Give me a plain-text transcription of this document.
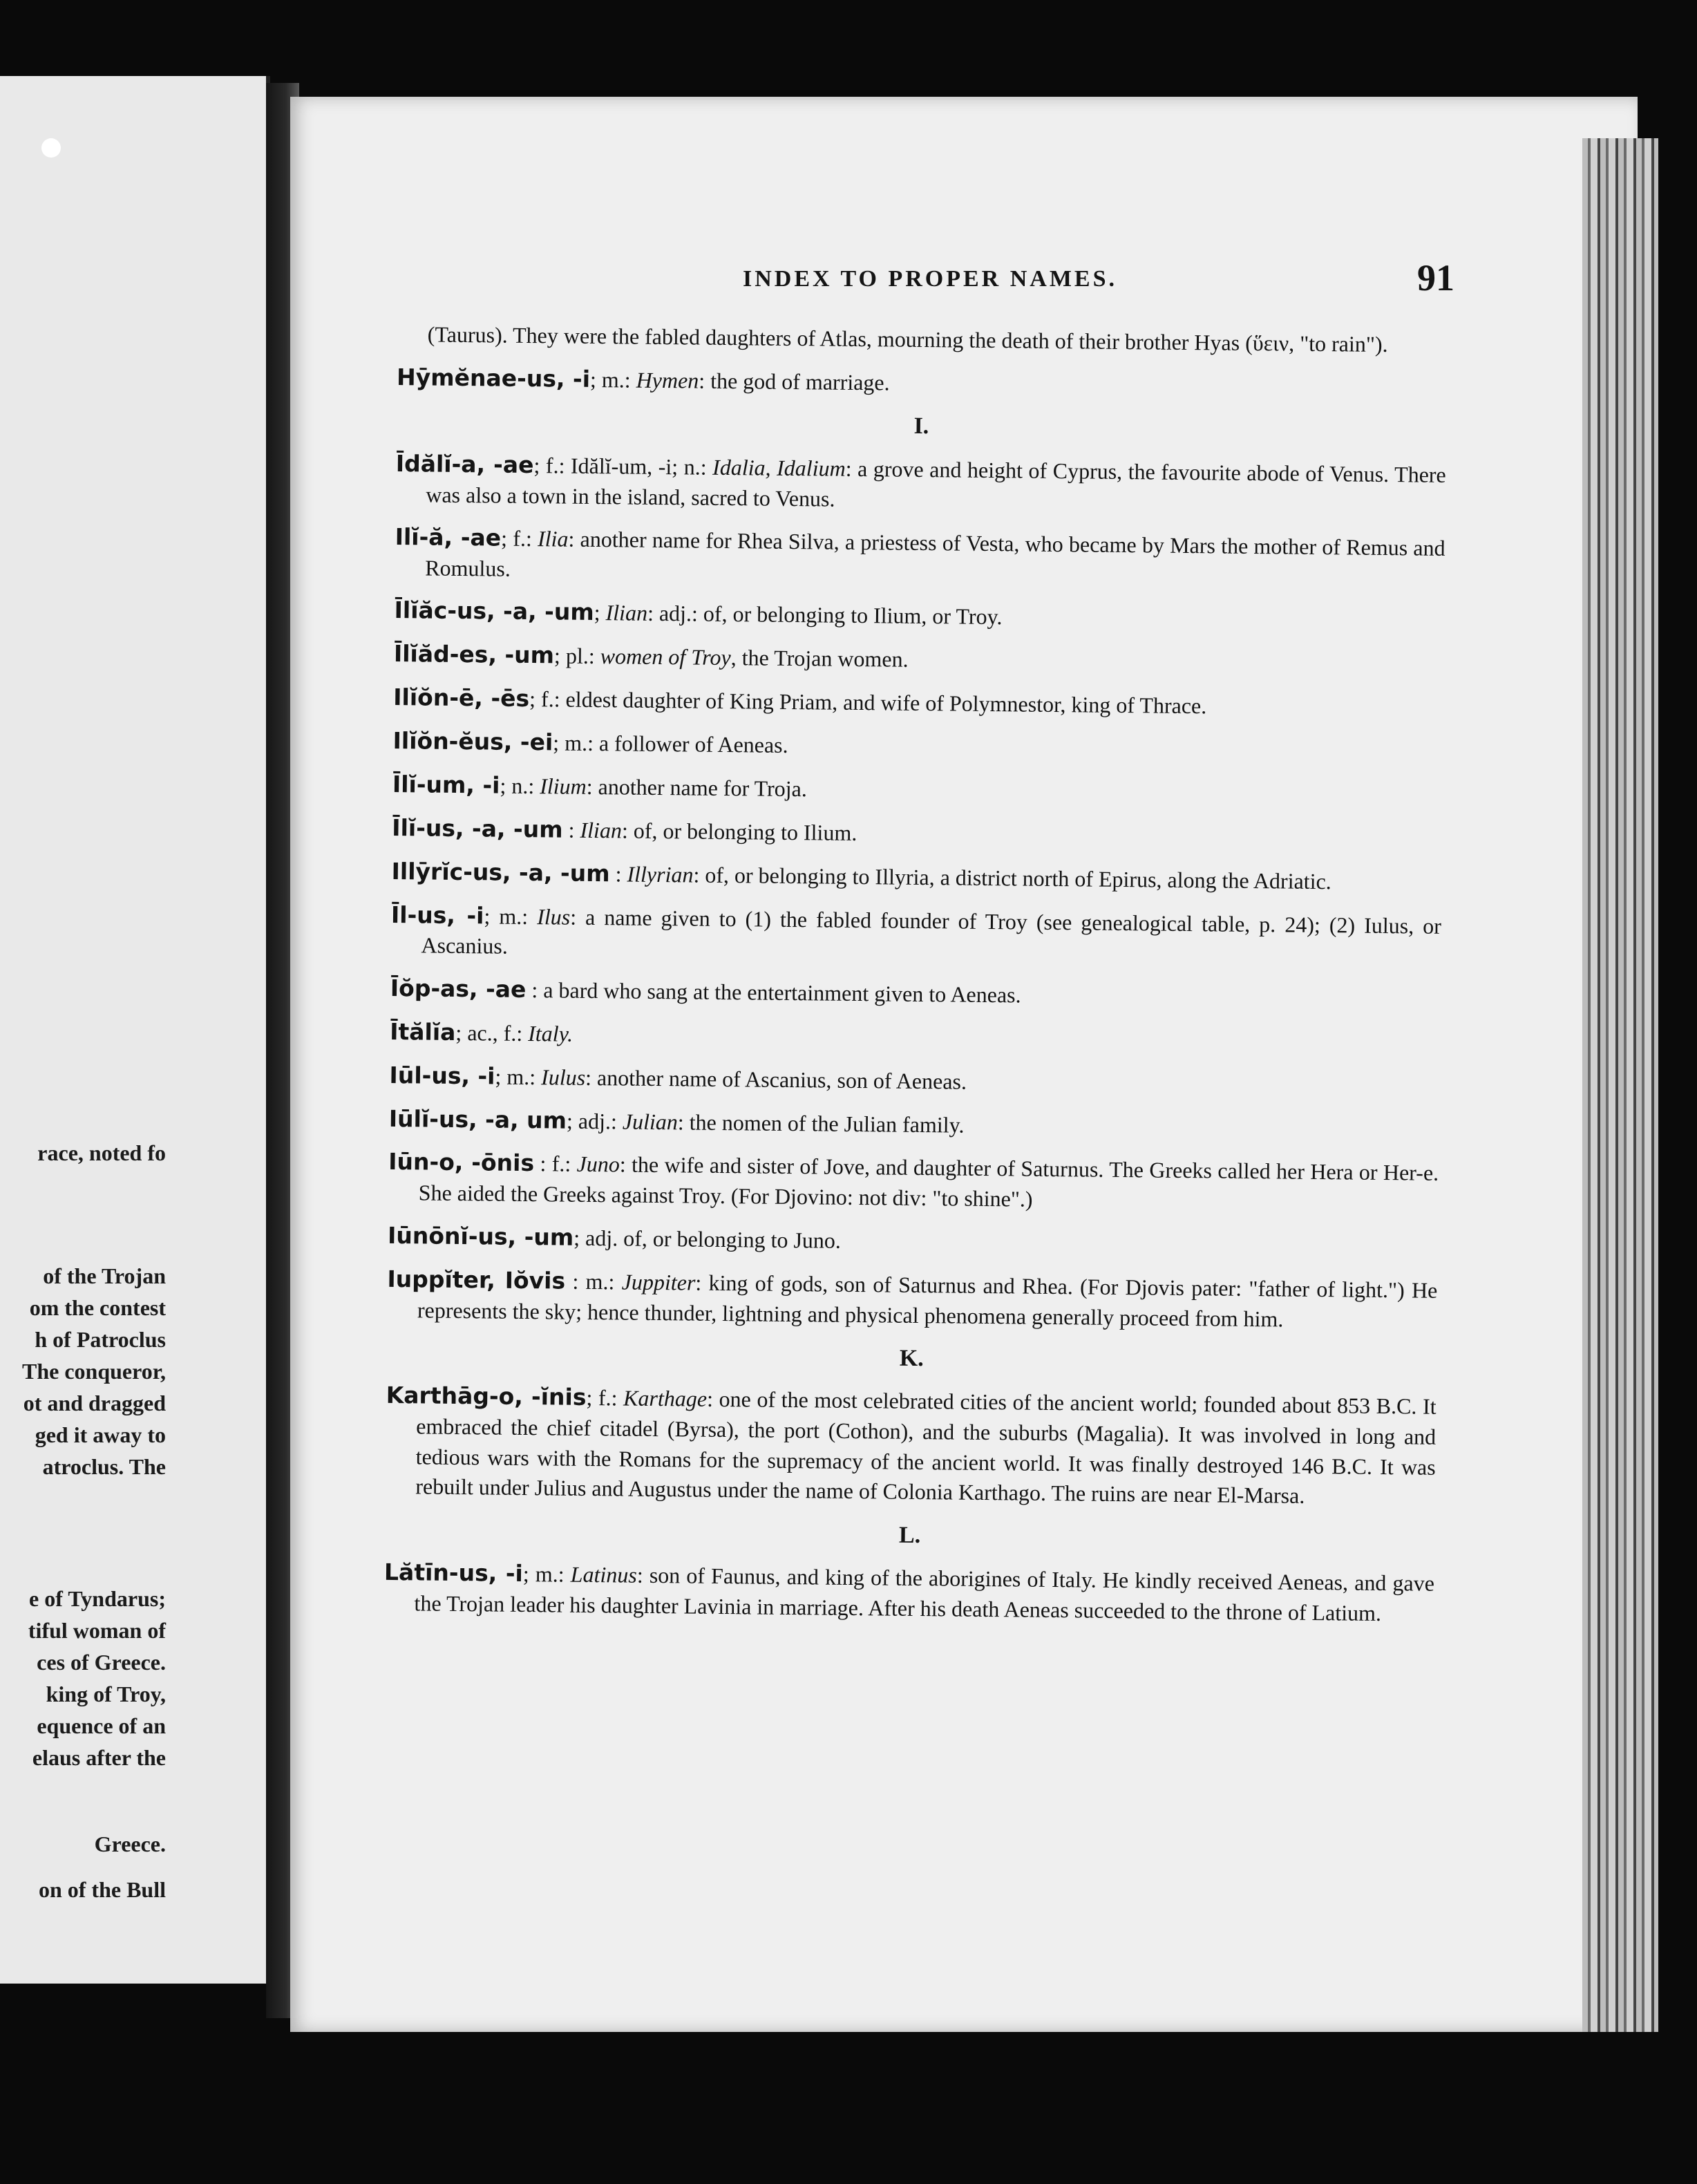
race, noted fo
of the Trojan
om the contest
h of Patroclus
The conqueror,
ot and dragged
ged it away to
atroclus. The
e of Tyndarus;
tiful woman of
ces of Greece.
king of Troy,
equence of an
elaus after the
Greece.
on of the Bull
INDEX TO PROPER NAMES.	91

(Taurus). They were the fabled daughters of Atlas, mourning the death of their brother Hyas (ὕειν, "to rain").

Hȳmĕnae-us, -i; m.: Hymen: the god of marriage.

I.

Īdălĭ-a, -ae; f.: Idălĭ-um, -i; n.: Idalia, Idalium: a grove and height of Cyprus, the favourite abode of Venus. There was also a town in the island, sacred to Venus.

Ilĭ-ă, -ae; f.: Ilia: another name for Rhea Silva, a priestess of Vesta, who became by Mars the mother of Remus and Romulus.

Īlĭăc-us, -a, -um; Ilian: adj.: of, or belonging to Ilium, or Troy.

Īlĭăd-es, -um; pl.: women of Troy, the Trojan women.

Ilĭŏn-ē, -ēs; f.: eldest daughter of King Priam, and wife of Polymnestor, king of Thrace.

Ilĭŏn-ĕus, -ei; m.: a follower of Aeneas.

Īlĭ-um, -i; n.: Ilium: another name for Troja.

Īlĭ-us, -a, -um : Ilian: of, or belonging to Ilium.

Illȳrĭc-us, -a, -um : Illyrian: of, or belonging to Illyria, a district north of Epirus, along the Adriatic.

Īl-us, -i; m.: Ilus: a name given to (1) the fabled founder of Troy (see genealogical table, p. 24); (2) Iulus, or Ascanius.

Īŏp-as, -ae : a bard who sang at the entertainment given to Aeneas.

Ītălĭa; ac., f.: Italy.

Iūl-us, -i; m.: Iulus: another name of Ascanius, son of Aeneas.

Iūlĭ-us, -a, um; adj.: Julian: the nomen of the Julian family.

Iūn-o, -ōnis : f.: Juno: the wife and sister of Jove, and daughter of Saturnus. The Greeks called her Hera or Her-e. She aided the Greeks against Troy. (For Djovino: not div: "to shine".)

Iūnōnĭ-us, -um; adj. of, or belonging to Juno.

Iuppĭter, Iŏvis : m.: Juppiter: king of gods, son of Saturnus and Rhea. (For Djovis pater: "father of light.") He represents the sky; hence thunder, lightning and physical phenomena generally proceed from him.

K.

Karthāg-o, -ĭnis; f.: Karthage: one of the most celebrated cities of the ancient world; founded about 853 B.C. It embraced the chief citadel (Byrsa), the port (Cothon), and the suburbs (Magalia). It was involved in long and tedious wars with the Romans for the supremacy of the ancient world. It was finally destroyed 146 B.C. It was rebuilt under Julius and Augustus under the name of Colonia Karthago. The ruins are near El-Marsa.

L.

Lătīn-us, -i; m.: Latinus: son of Faunus, and king of the aborigines of Italy. He kindly received Aeneas, and gave the Trojan leader his daughter Lavinia in marriage. After his death Aeneas succeeded to the throne of Latium.
